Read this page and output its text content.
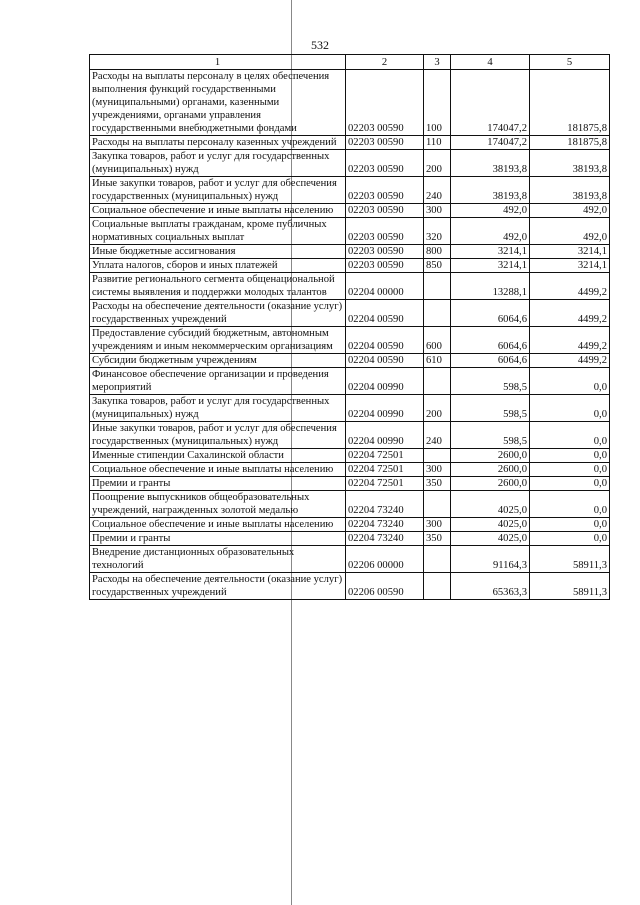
532
1	2	3	4	5
Расходы на выплаты персоналу в целях обеспечения выполнения функций государственными (муниципальными) органами, казенными учреждениями, органами управления государственными внебюджетными фондами	02203 00590	100	174047,2	181875,8
Расходы на выплаты персоналу казенных учреждений	02203 00590	110	174047,2	181875,8
Закупка товаров, работ и услуг для государственных (муниципальных) нужд	02203 00590	200	38193,8	38193,8
Иные закупки товаров, работ и услуг для обеспечения государственных (муниципальных) нужд	02203 00590	240	38193,8	38193,8
Социальное обеспечение и иные выплаты населению	02203 00590	300	492,0	492,0
Социальные выплаты гражданам, кроме публичных нормативных социальных выплат	02203 00590	320	492,0	492,0
Иные бюджетные ассигнования	02203 00590	800	3214,1	3214,1
Уплата налогов, сборов и иных платежей	02203 00590	850	3214,1	3214,1
Развитие регионального сегмента общенациональной системы выявления и поддержки молодых талантов	02204 00000		13288,1	4499,2
Расходы на обеспечение деятельности (оказание услуг) государственных учреждений	02204 00590		6064,6	4499,2
Предоставление субсидий бюджетным, автономным учреждениям и иным некоммерческим организациям	02204 00590	600	6064,6	4499,2
Субсидии бюджетным учреждениям	02204 00590	610	6064,6	4499,2
Финансовое обеспечение организации и проведения мероприятий	02204 00990		598,5	0,0
Закупка товаров, работ и услуг для государственных (муниципальных) нужд	02204 00990	200	598,5	0,0
Иные закупки товаров, работ и услуг для обеспечения государственных (муниципальных) нужд	02204 00990	240	598,5	0,0
Именные стипендии Сахалинской области	02204 72501		2600,0	0,0
Социальное обеспечение и иные выплаты населению	02204 72501	300	2600,0	0,0
Премии и гранты	02204 72501	350	2600,0	0,0
Поощрение выпускников общеобразовательных учреждений, награжденных золотой медалью	02204 73240		4025,0	0,0
Социальное обеспечение и иные выплаты населению	02204 73240	300	4025,0	0,0
Премии и гранты	02204 73240	350	4025,0	0,0
Внедрение дистанционных образовательных технологий	02206 00000		91164,3	58911,3
Расходы на обеспечение деятельности (оказание услуг) государственных учреждений	02206 00590		65363,3	58911,3
